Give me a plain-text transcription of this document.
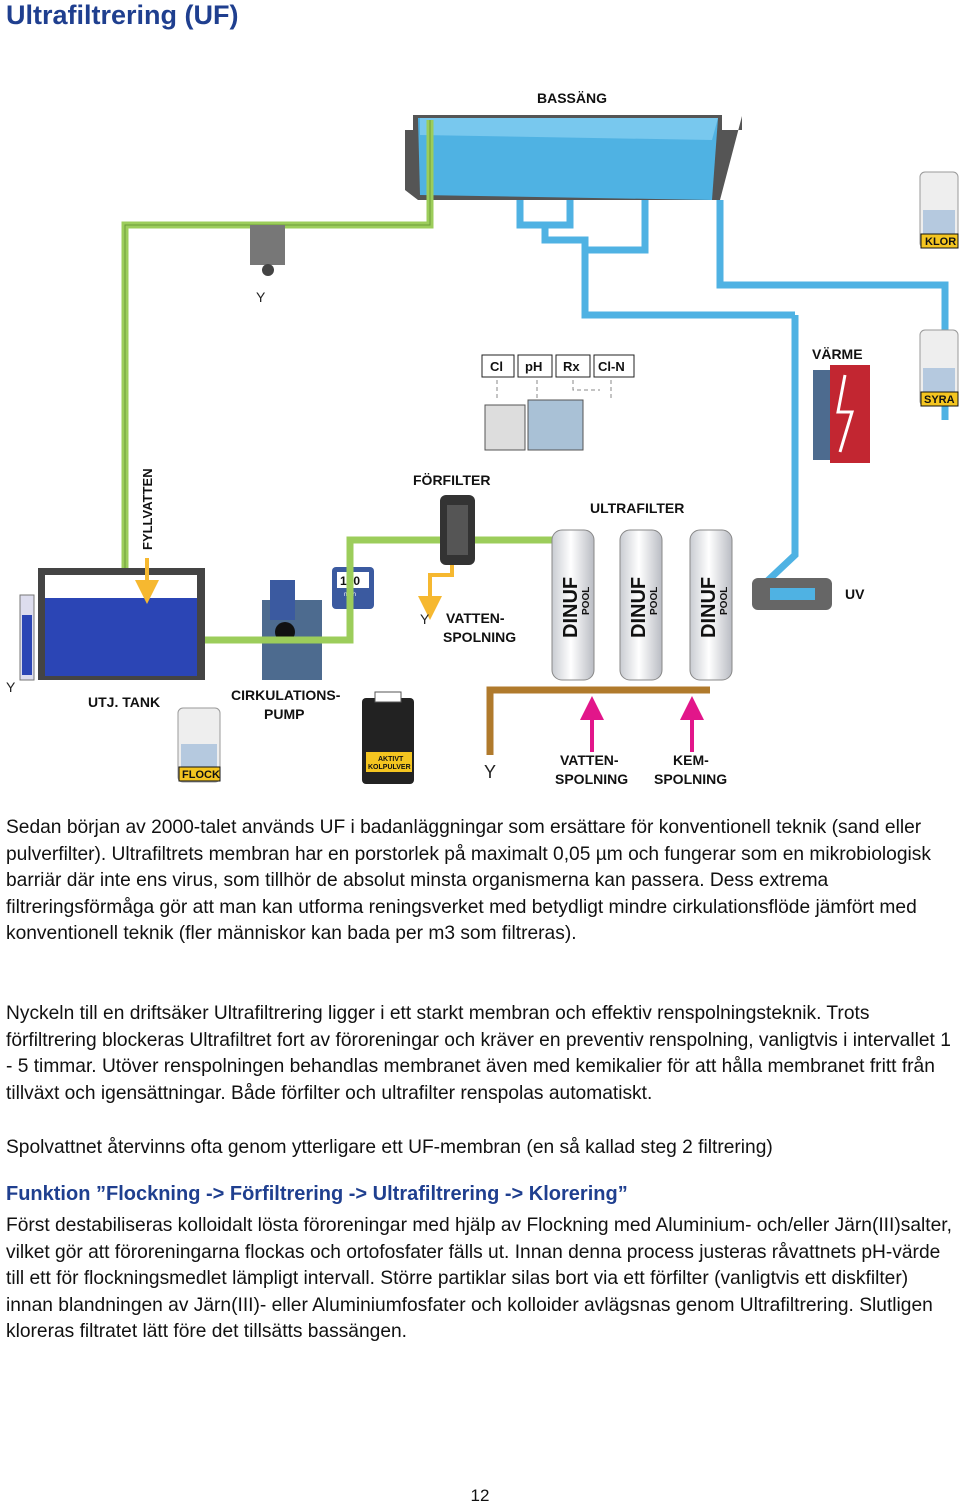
Ultrafiltrering (UF)
BASSÄNG
Y
Cl pH Rx Cl-N
VÄRME
KLOR
SYRA
FLOCK
UTJ. TANK
Y
FYLLVATTEN
CIRKULATIONS-
PUMP
150
m³/h
FÖRFILTER
VATTEN-
SPOLNING
Y
ULTRAFILTER
DINUF POOL DINUF POOL DINUF POOL	UV
Y
AKTIVT
KOLPULVER	VATTEN-
SPOLNING
KEM-
SPOLNING

Sedan början av 2000-talet används UF i badanläggningar som ersättare för konventionell teknik (sand eller pulverfilter). Ultrafiltrets membran har en porstorlek på maximalt 0,05 µm och fungerar som en mikrobiologisk barriär där inte ens virus, som tillhör de absolut minsta organismerna kan passera. Dess extrema filtreringsförmåga gör att man kan utforma reningsverket med betydligt mindre cirkulationsflöde jämfört med konventionell teknik (fler människor kan bada per m3 som filtreras).

Nyckeln till en driftsäker Ultrafiltrering ligger i ett starkt membran och effektiv renspolningsteknik. Trots förfiltrering blockeras Ultrafiltret fort av föroreningar och kräver en preventiv renspolning, vanligtvis i intervallet 1 - 5 timmar. Utöver renspolningen behandlas membranet även med kemikalier för att hålla membranet fritt från tillväxt och igensättningar. Både förfilter och ultrafilter renspolas automatiskt.

Spolvattnet återvinns ofta genom ytterligare ett UF-membran (en så kallad steg 2 filtrering)

Funktion ”Flockning -> Förfiltrering -> Ultrafiltrering -> Klorering”

Först destabiliseras kolloidalt lösta föroreningar med hjälp av Flockning med Aluminium- och/eller Järn(III)salter, vilket gör att föroreningarna flockas och ortofosfater fälls ut. Innan denna process justeras råvattnets pH-värde till ett för flockningsmedlet lämpligt intervall. Större partiklar silas bort via ett förfilter (vanligtvis ett diskfilter) innan blandningen av Järn(III)- eller Aluminiumfosfater och kolloider avlägsnas genom Ultrafiltrering. Slutligen kloreras filtratet lätt före det tillsätts bassängen.

12
